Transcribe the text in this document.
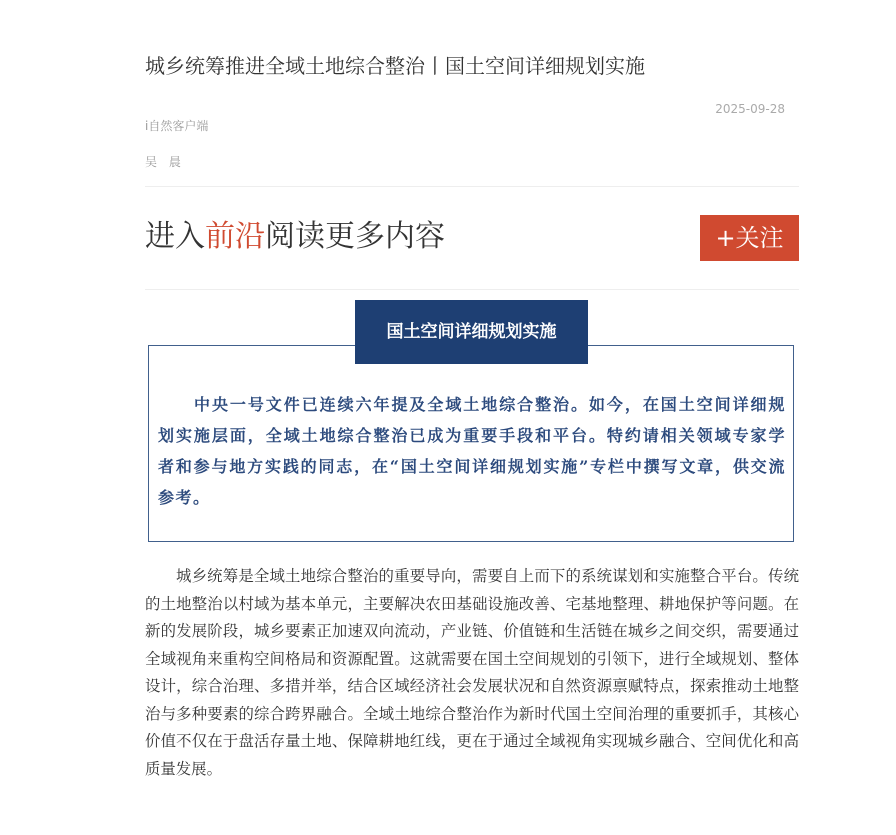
城乡统筹推进全域土地综合整治丨国土空间详细规划实施
2025-09-28
i自然客户端
吴 晨
进入前沿阅读更多内容	+关注
国土空间详细规划实施
中央一号文件已连续六年提及全域土地综合整治。如今，在国土空间详细规划实施层面，全域土地综合整治已成为重要手段和平台。特约请相关领域专家学者和参与地方实践的同志，在“国土空间详细规划实施”专栏中撰写文章，供交流参考。
城乡统筹是全域土地综合整治的重要导向，需要自上而下的系统谋划和实施整合平台。传统的土地整治以村域为基本单元，主要解决农田基础设施改善、宅基地整理、耕地保护等问题。在新的发展阶段，城乡要素正加速双向流动，产业链、价值链和生活链在城乡之间交织，需要通过全域视角来重构空间格局和资源配置。这就需要在国土空间规划的引领下，进行全域规划、整体设计，综合治理、多措并举，结合区域经济社会发展状况和自然资源禀赋特点，探索推动土地整治与多种要素的综合跨界融合。全域土地综合整治作为新时代国土空间治理的重要抓手，其核心价值不仅在于盘活存量土地、保障耕地红线，更在于通过全域视角实现城乡融合、空间优化和高质量发展。
